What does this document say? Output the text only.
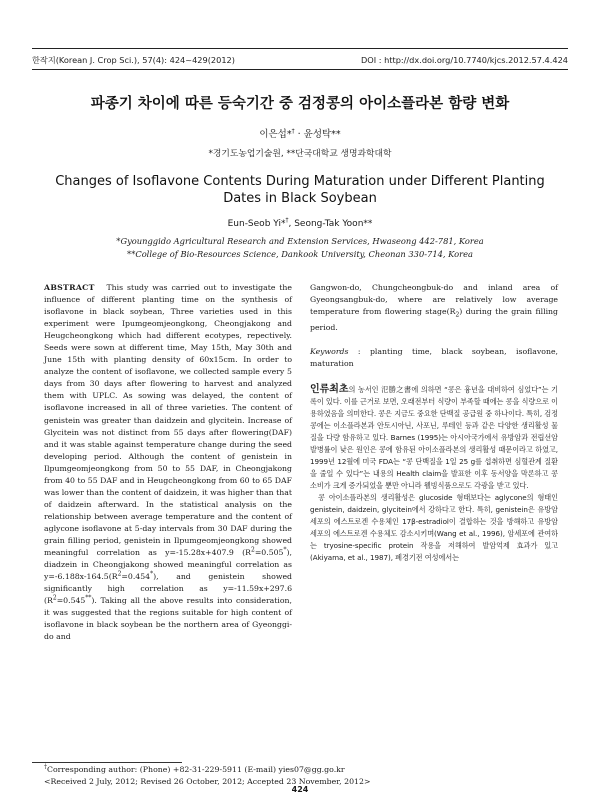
한작지(Korean J. Crop Sci.), 57(4): 424~429(2012)	DOI : http://dx.doi.org/10.7740/kjcs.2012.57.4.424
파종기 차이에 따른 등숙기간 중 검정콩의 아이소플라본 함량 변화
이은섭*† · 윤성탁**
*경기도농업기술원, **단국대학교 생명과학대학
Changes of Isoflavone Contents During Maturation under Different Planting Dates in Black Soybean
Eun-Seob Yi*†, Seong-Tak Yoon**
*Gyounggido Agricultural Research and Extension Services, Hwaseong 442-781, Korea
**College of Bio-Resources Science, Dankook University, Cheonan 330-714, Korea

ABSTRACT This study was carried out to investigate the influence of different planting time on the synthesis of isoflavone in black soybean, Three varieties used in this experiment were Ipumgeomjeongkong, Cheongjakong and Heugcheongkong which had different ecotypes, repectively. Seeds were sown at different time, May 15th, May 30th and June 15th with planting density of 60x15cm. In order to analyze the content of isoflavone, we collected sample every 5 days from 30 days after flowering to harvest and analyzed them with UPLC. As sowing was delayed, the content of isoflavone increased in all of three varieties. The content of genistein was greater than daidzein and glycitein. Increase of Glycitein was not distinct from 55 days after flowering(DAF) and it was stable against temperature change during the seed developing period. Although the content of genistein in Ilpumgeomjeongkong from 50 to 55 DAF, in Cheongjakong from 40 to 55 DAF and in Heugcheongkong from 60 to 65 DAF was lower than the content of daidzein, it was higher than that of daidzein afterward. In the statistical analysis on the relationship between average temperature and the content of aglycone isoflavone at 5-day intervals from 30 DAF during the grain filling period, genistein in Ilpumgeomjeongkong showed meaningful correlation as y=-15.28x+407.9 $(R^2=0.505^*)$, diadzein in Cheongjakong showed meaningful correlation as $y=-6.188x-164.5(R^2=0.454^*)$, and genistein showed significantly high correlation as y=-11.59x+297.6 $(R^2=0.545^{**})$. Taking all the above results into consideration, it was suggested that the regions suitable for high content of isoflavone in black soybean be the northern area of Gyeonggi-do and

Gangwon-do, Chungcheongbuk-do and inland area of Gyeongsangbuk-do, where are relatively low average temperature from flowering $stage(R_2)$ during the grain filling period.

Keywords : planting time, black soybean, isoflavone, maturation

인류최초의 농서인 氾勝之書에 의하면 “콩은 흉년을 대비하여 심었다”는 기록이 있다. 이를 근거로 보면, 오래전부터 식량이 부족할 때에는 콩을 식량으로 이용하였음을 의미한다. 콩은 지금도 중요한 단백질 공급원 중 하나이다. 특히, 검정콩에는 이소플라본과 안토시아닌, 사포닌, 루테인 등과 같은 다양한 생리활성 물질을 다량 함유하고 있다. Barnes (1995)는 아시아국가에서 유방암과 전립선암 발병률이 낮은 원인은 콩에 함유된 아이소플라본의 생리활성 때문이라고 하였고, 1999년 12월에 미국 FDA는 “콩 단백질을 1일 25 g를 섭취하면 심혈관계 질환을 줄일 수 있다”는 내용의 Health claim을 발표한 이후 동서양을 막론하고 콩 소비가 크게 증가되었을 뿐만 아니라 웰빙식품으로도 각광을 받고 있다.

콩 아이소플라본의 생리활성은 glucoside 형태보다는 aglycone의 형태인 genistein, daidzein, glycitein에서 강하다고 한다. 특히, genistein은 유방암 세포의 에스트로겐 수용체인 17β-estradiol이 결합하는 것을 방해하고 유방암 세포의 에스트로겐 수용체도 감소시키며(Wang et al., 1996), 암세포에 관여하는 tryosine-specific protein 작용을 저해하여 발암억제 효과가 있고(Akiyama, et al., 1987), 폐경기전 여성에서는

†Corresponding author: (Phone) +82-31-229-5911 (E-mail) yies07@gg.go.kr
<Received 2 July, 2012; Revised 26 October, 2012; Accepted 23 November, 2012>
424
